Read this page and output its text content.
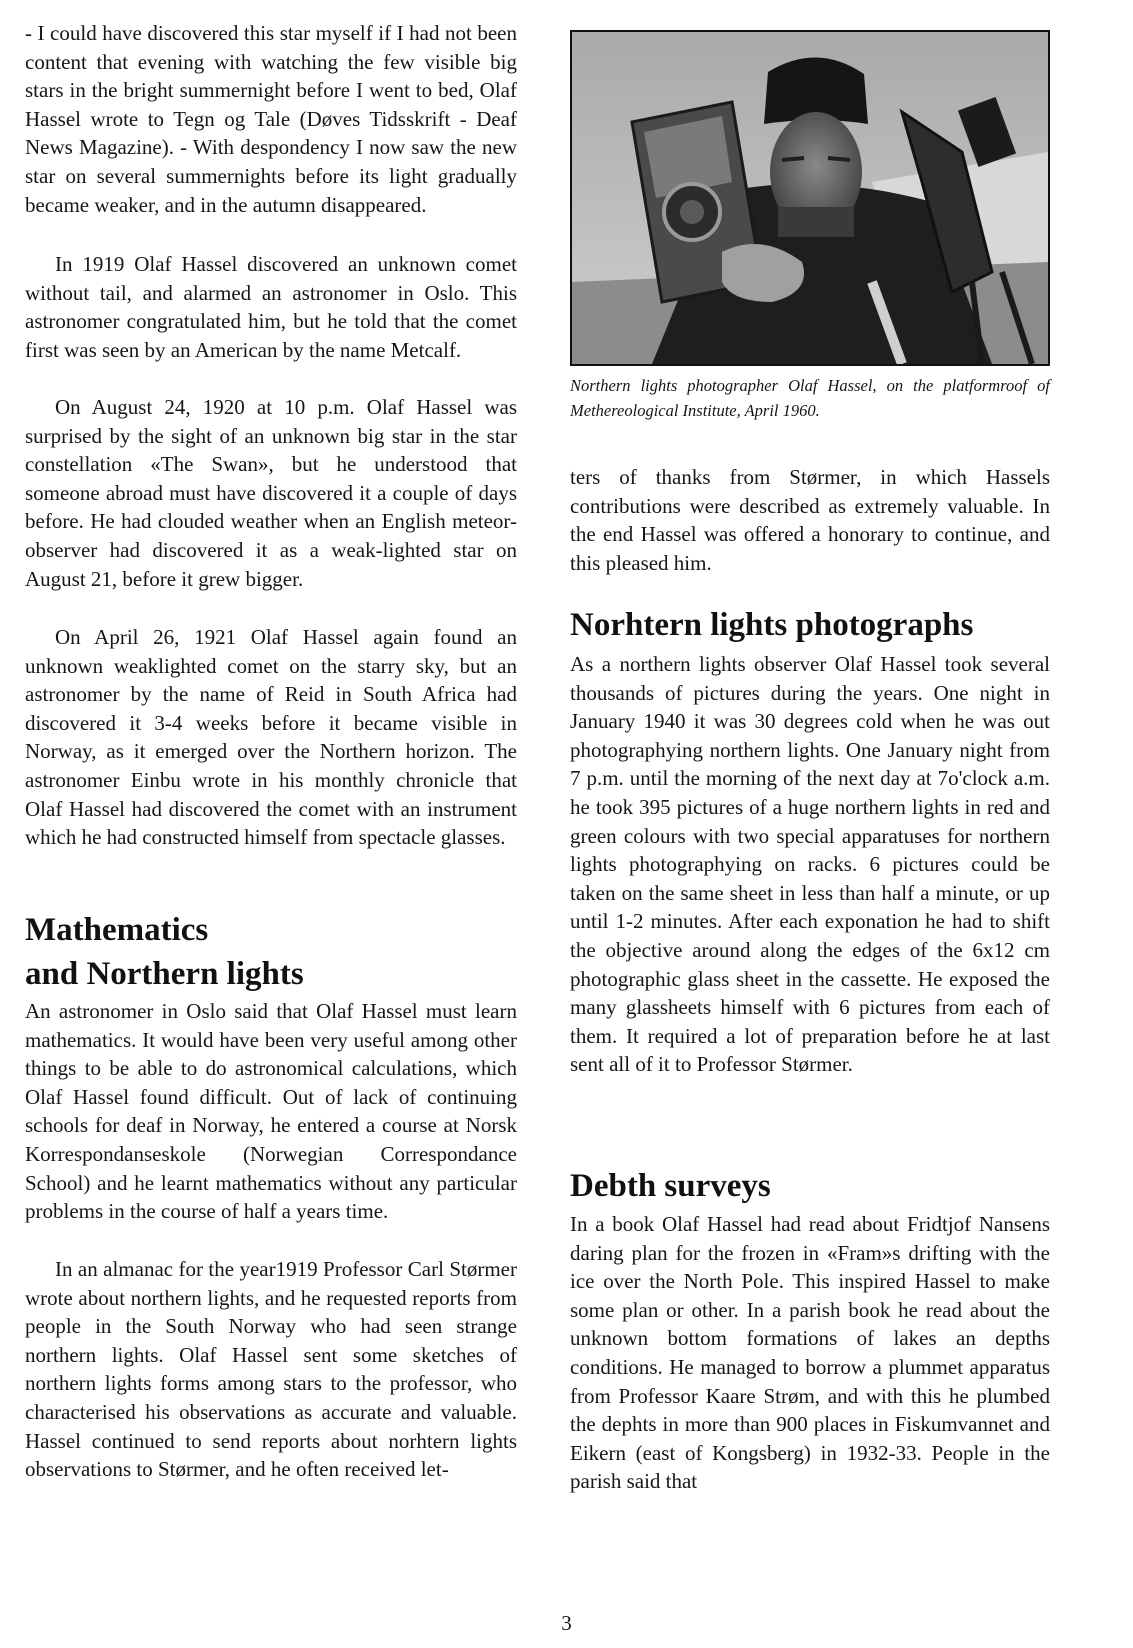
- I could have discovered this star myself if I had not been content that evening with watching the few visible big stars in the bright summernight before I went to bed, Olaf Hassel wrote to Tegn og Tale (Døves Tidsskrift - Deaf News Magazine). - With despondency I now saw the new star on several summernights before its light gradually became weaker, and in the autumn disappeared.

In 1919 Olaf Hassel discovered an unknown comet without tail, and alarmed an astronomer in Oslo. This astronomer congratulated him, but he told that the comet first was seen by an American by the name Metcalf.

On August 24, 1920 at 10 p.m. Olaf Hassel was surprised by the sight of an unknown big star in the star constellation «The Swan», but he understood that someone abroad must have discovered it a couple of days before. He had clouded weather when an English meteor- observer had discovered it as a weak-lighted star on August 21, before it grew bigger.

On April 26, 1921 Olaf Hassel again found an unknown weaklighted comet on the starry sky, but an astronomer by the name of Reid in South Africa had discovered it 3-4 weeks before it became visible in Norway, as it emerged over the Northern horizon. The astronomer Einbu wrote in his monthly chronicle that Olaf Hassel had discovered the comet with an instrument which he had constructed himself from spectacle glasses.

Mathematics
and Northern lights

An astronomer in Oslo said that Olaf Hassel must learn mathematics. It would have been very useful among other things to be able to do astronomical calculations, which Olaf Hassel found difficult. Out of lack of continuing schools for deaf in Norway, he entered a course at Norsk Korrespondanseskole (Norwegian Correspondance School) and he learnt mathematics without any particular problems in the course of half a years time.

In an almanac for the year1919 Professor Carl Størmer wrote about northern lights, and he requested reports from people in the South Norway who had seen strange northern lights. Olaf Hassel sent some sketches of northern lights forms among stars to the professor, who characterised his observations as accurate and valuable. Hassel continued to send reports about norhtern lights observations to Størmer, and he often received let-

Northern lights photographer Olaf Hassel, on the platformroof of Methereological Institute, April 1960.

ters of thanks from Størmer, in which Hassels contributions were described as extremely valuable. In the end Hassel was offered a honorary to continue, and this pleased him.

Norhtern lights photographs

As a northern lights observer Olaf Hassel took several thousands of pictures during the years. One night in January 1940 it was 30 degrees cold when he was out photographying northern lights. One January night from 7 p.m. until the morning of the next day at 7o'clock a.m. he took 395 pictures of a huge northern lights in red and green colours with two special apparatuses for northern lights photographying on racks. 6 pictures could be taken on the same sheet in less than half a minute, or up until 1-2 minutes. After each exponation he had to shift the objective around along the edges of the 6x12 cm photographic glass sheet in the cassette. He exposed the many glassheets himself with 6 pictures from each of them. It required a lot of preparation before he at last sent all of it to Professor Størmer.

Debth surveys

In a book Olaf Hassel had read about Fridtjof Nansens daring plan for the frozen in «Fram»s drifting with the ice over the North Pole. This inspired Hassel to make some plan or other. In a parish book he read about the unknown bottom formations of lakes an depths conditions. He managed to borrow a plummet apparatus from Professor Kaare Strøm, and with this he plumbed the dephts in more than 900 places in Fiskumvannet and Eikern (east of Kongsberg) in 1932-33. People in the parish said that

3
